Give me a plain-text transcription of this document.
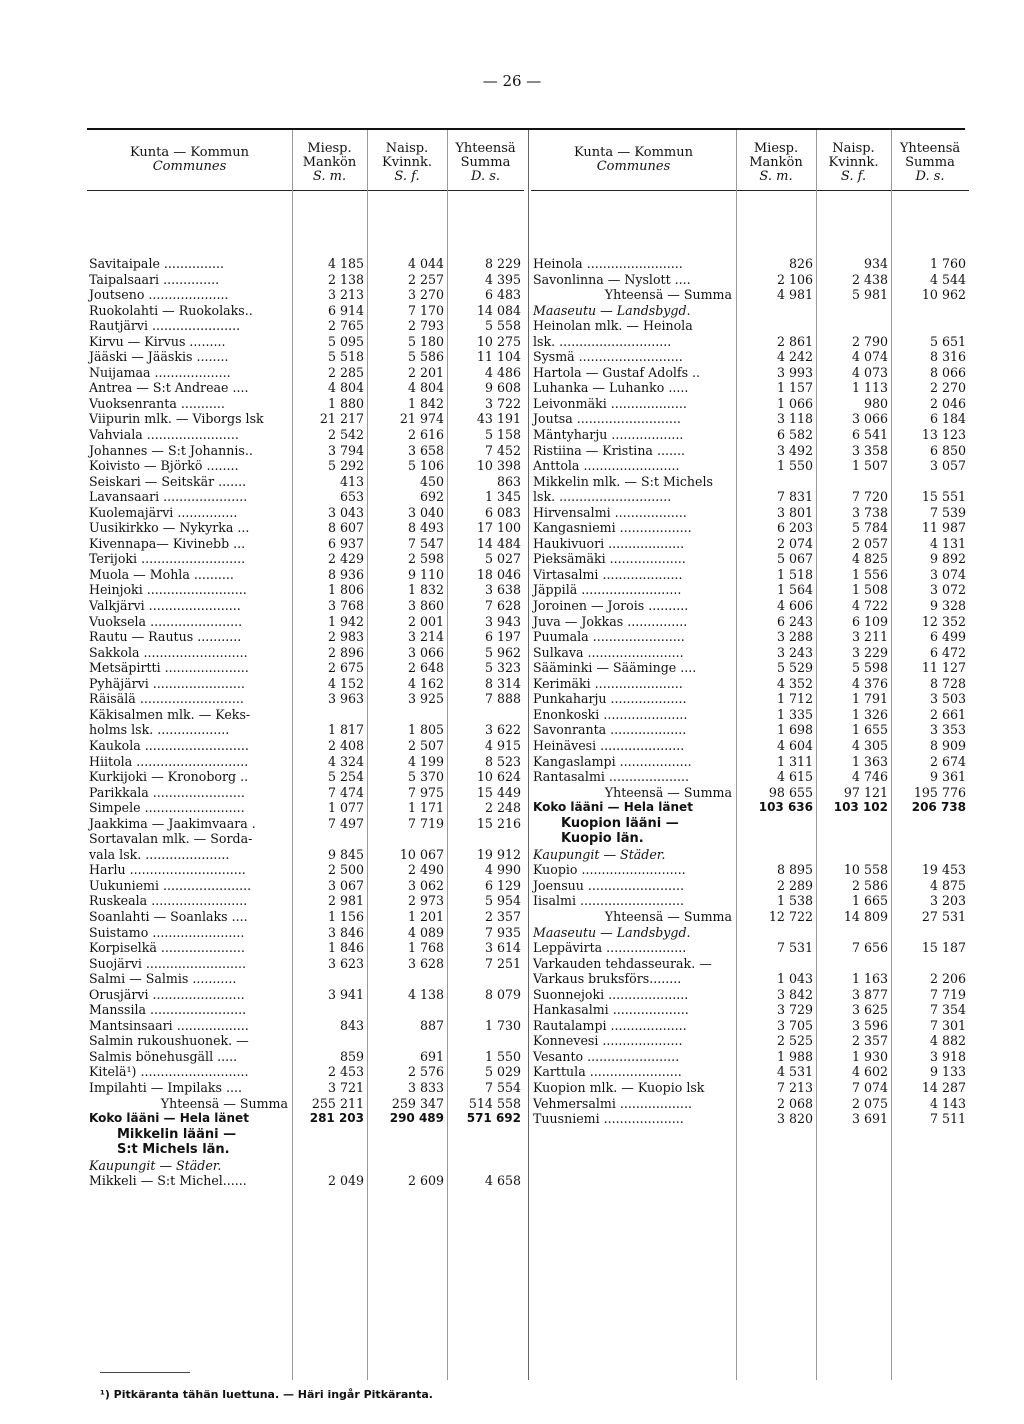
— 26 —
Kunta — Kommun
Communes
Miesp.
Mankön
S. m.
Naisp.
Kvinnk.
S. f.
Yhteensä
Summa
D. s.
Savitaipale ...............	4 185	4 044	8 229
Taipalsaari ..............	2 138	2 257	4 395
Joutseno ....................	3 213	3 270	6 483
Ruokolahti — Ruokolaks..	6 914	7 170	14 084
Rautjärvi ......................	2 765	2 793	5 558
Kirvu — Kirvus .........	5 095	5 180	10 275
Jääski — Jääskis ........	5 518	5 586	11 104
Nuijamaa ...................	2 285	2 201	4 486
Antrea — S:t Andreae ....	4 804	4 804	9 608
Vuoksenranta ...........	1 880	1 842	3 722
Viipurin mlk. — Viborgs lsk	21 217	21 974	43 191
Vahviala .......................	2 542	2 616	5 158
Johannes — S:t Johannis..	3 794	3 658	7 452
Koivisto — Björkö ........	5 292	5 106	10 398
Seiskari — Seitskär .......	413	450	863
Lavansaari .....................	653	692	1 345
Kuolemajärvi ...............	3 043	3 040	6 083
Uusikirkko — Nykyrka ...	8 607	8 493	17 100
Kivennapa— Kivinebb ...	6 937	7 547	14 484
Terijoki ..........................	2 429	2 598	5 027
Muola — Mohla ..........	8 936	9 110	18 046
Heinjoki .........................	1 806	1 832	3 638
Valkjärvi .......................	3 768	3 860	7 628
Vuoksela .......................	1 942	2 001	3 943
Rautu — Rautus ...........	2 983	3 214	6 197
Sakkola ..........................	2 896	3 066	5 962
Metsäpirtti .....................	2 675	2 648	5 323
Pyhäjärvi .......................	4 152	4 162	8 314
Räisälä ..........................	3 963	3 925	7 888
Käkisalmen mlk. — Keks-			
holms lsk. ..................	1 817	1 805	3 622
Kaukola ..........................	2 408	2 507	4 915
Hiitola ............................	4 324	4 199	8 523
Kurkijoki — Kronoborg ..	5 254	5 370	10 624
Parikkala .......................	7 474	7 975	15 449
Simpele .........................	1 077	1 171	2 248
Jaakkima — Jaakimvaara .	7 497	7 719	15 216
Sortavalan mlk. — Sorda-			
vala lsk. .....................	9 845	10 067	19 912
Harlu .............................	2 500	2 490	4 990
Uukuniemi ......................	3 067	3 062	6 129
Ruskeala ........................	2 981	2 973	5 954
Soanlahti — Soanlaks ....	1 156	1 201	2 357
Suistamo .......................	3 846	4 089	7 935
Korpiselkä .....................	1 846	1 768	3 614
Suojärvi .........................	3 623	3 628	7 251
Salmi — Salmis ...........			
Orusjärvi .......................	3 941	4 138	8 079
Manssila ........................			
Mantsinsaari ..................	843	887	1 730
Salmin rukoushuonek. —			
Salmis bönehusgäll .....	859	691	1 550
Kitelä¹) ...........................	2 453	2 576	5 029
Impilahti — Impilaks ....	3 721	3 833	7 554
Yhteensä — Summa	255 211	259 347	514 558
Koko lääni — Hela länet	281 203	290 489	571 692
Mikkelin lääni —			
S:t Michels län.			
Kaupungit — Städer.			
Mikkeli — S:t Michel......	2 049	2 609	4 658
Kunta — Kommun
Communes
Miesp.
Mankön
S. m.
Naisp.
Kvinnk.
S. f.
Yhteensä
Summa
D. s.
Heinola ........................	826	934	1 760
Savonlinna — Nyslott ....	2 106	2 438	4 544
Yhteensä — Summa	4 981	5 981	10 962
Maaseutu — Landsbygd.			
Heinolan mlk. — Heinola			
lsk. ............................	2 861	2 790	5 651
Sysmä ..........................	4 242	4 074	8 316
Hartola — Gustaf Adolfs ..	3 993	4 073	8 066
Luhanka — Luhanko .....	1 157	1 113	2 270
Leivonmäki ...................	1 066	980	2 046
Joutsa ..........................	3 118	3 066	6 184
Mäntyharju ..................	6 582	6 541	13 123
Ristiina — Kristina .......	3 492	3 358	6 850
Anttola ........................	1 550	1 507	3 057
Mikkelin mlk. — S:t Michels			
lsk. ............................	7 831	7 720	15 551
Hirvensalmi ..................	3 801	3 738	7 539
Kangasniemi ..................	6 203	5 784	11 987
Haukivuori ...................	2 074	2 057	4 131
Pieksämäki ...................	5 067	4 825	9 892
Virtasalmi ....................	1 518	1 556	3 074
Jäppilä .........................	1 564	1 508	3 072
Joroinen — Jorois ..........	4 606	4 722	9 328
Juva — Jokkas ...............	6 243	6 109	12 352
Puumala .......................	3 288	3 211	6 499
Sulkava ........................	3 243	3 229	6 472
Sääminki — Säämingе ....	5 529	5 598	11 127
Kerimäki ......................	4 352	4 376	8 728
Punkaharju ...................	1 712	1 791	3 503
Enonkoski .....................	1 335	1 326	2 661
Savonranta ...................	1 698	1 655	3 353
Heinävesi .....................	4 604	4 305	8 909
Kangaslampi ..................	1 311	1 363	2 674
Rantasalmi ....................	4 615	4 746	9 361
Yhteensä — Summa	98 655	97 121	195 776
Koko lääni — Hela länet	103 636	103 102	206 738

Kuopion lääni —			
Kuopio län.			
Kaupungit — Städer.			
Kuopio ..........................	8 895	10 558	19 453
Joensuu ........................	2 289	2 586	4 875
Iisalmi ..........................	1 538	1 665	3 203

Yhteensä — Summa	12 722	14 809	27 531

Maaseutu — Landsbygd.			
Leppävirta ....................	7 531	7 656	15 187
Varkauden tehdasseurak. —			
Varkaus bruksförs........	1 043	1 163	2 206
Suonnejoki ....................	3 842	3 877	7 719
Hankasalmi ...................	3 729	3 625	7 354
Rautalampi ...................	3 705	3 596	7 301
Konnevesi ....................	2 525	2 357	4 882
Vesanto .......................	1 988	1 930	3 918
Karttula .......................	4 531	4 602	9 133
Kuopion mlk. — Kuopio lsk	7 213	7 074	14 287
Vehmersalmi ..................	2 068	2 075	4 143
Tuusniemi ....................	3 820	3 691	7 511
¹) Pitkäranta tähän luettuna. — Häri ingår Pitkäranta.
